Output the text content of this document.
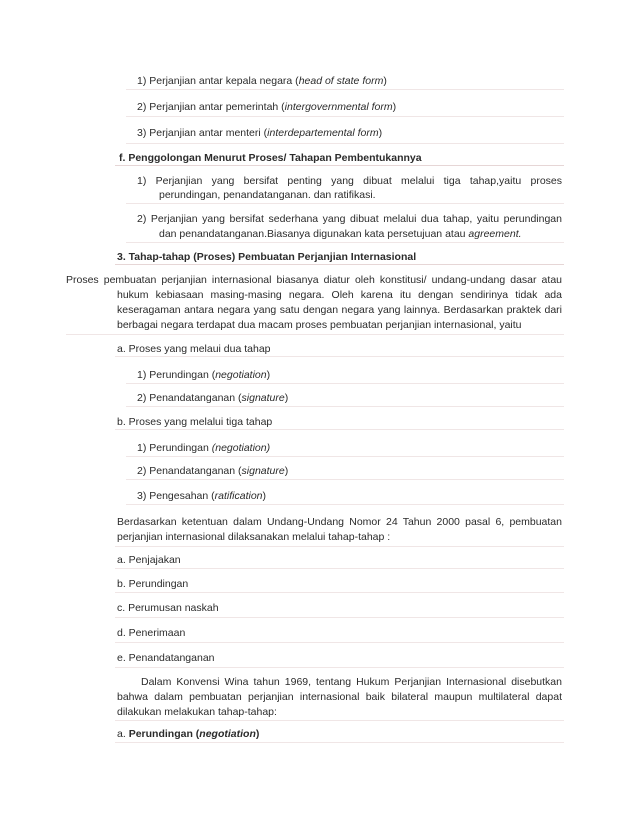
1) Perjanjian antar kepala negara (head of state form)
2) Perjanjian antar pemerintah (intergovernmental form)
3) Perjanjian antar menteri (interdepartemental form)
f. Penggolongan Menurut Proses/ Tahapan Pembentukannya
1) Perjanjian yang bersifat penting yang dibuat melalui tiga tahap,yaitu proses
perundingan, penandatanganan. dan ratifikasi.
2) Perjanjian yang bersifat sederhana yang dibuat melalui dua tahap, yaitu perundingan
dan penandatanganan.Biasanya digunakan kata persetujuan atau agreement.
3. Tahap-tahap (Proses) Pembuatan Perjanjian Internasional
Proses pembuatan perjanjian internasional biasanya diatur oleh konstitusi/ undang-undang dasar atau
hukum kebiasaan masing-masing negara. Oleh karena itu dengan sendirinya tidak ada
keseragaman antara negara yang satu dengan negara yang lainnya. Berdasarkan praktek dari
berbagai negara terdapat dua macam proses pembuatan perjanjian internasional, yaitu
a. Proses yang melaui dua tahap
1) Perundingan (negotiation)
2) Penandatanganan (signature)
b. Proses yang melalui tiga tahap
1) Perundingan (negotiation)
2) Penandatanganan (signature)
3) Pengesahan (ratification)
Berdasarkan ketentuan dalam Undang-Undang Nomor 24 Tahun 2000 pasal 6, pembuatan
perjanjian internasional dilaksanakan melalui tahap-tahap :
a. Penjajakan
b. Perundingan
c. Perumusan naskah
d. Penerimaan
e. Penandatanganan
Dalam Konvensi Wina tahun 1969, tentang Hukum Perjanjian Internasional disebutkan
bahwa dalam pembuatan perjanjian internasional baik bilateral maupun multilateral dapat
dilakukan melakukan tahap-tahap:
a. Perundingan (negotiation)
